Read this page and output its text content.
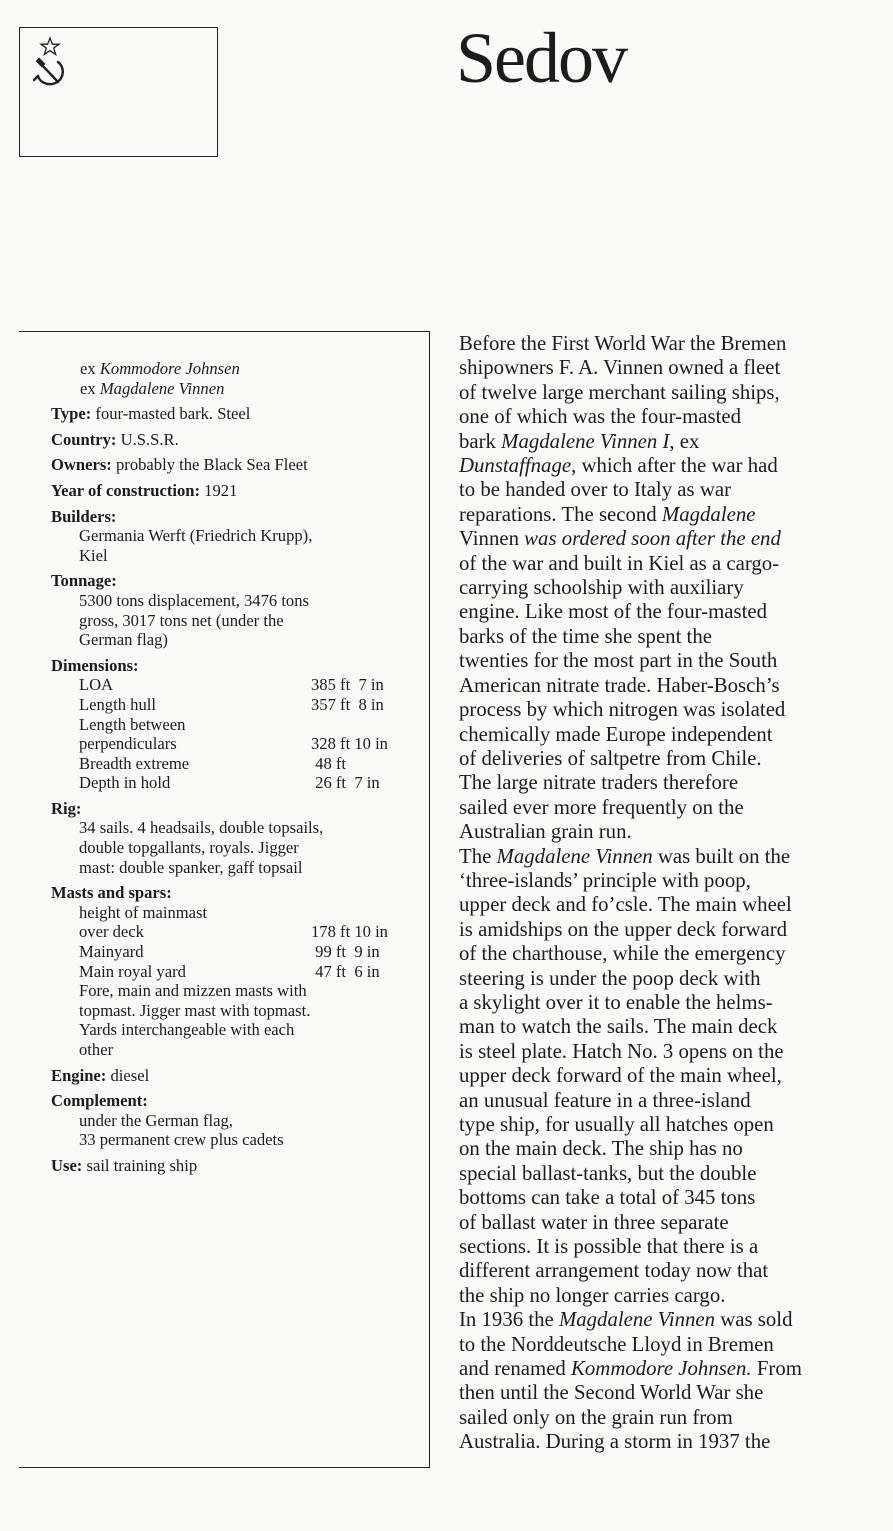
Sedov
ex Kommodore Johnsen
ex Magdalene Vinnen
Type: four-masted bark. Steel
Country: U.S.S.R.
Owners: probably the Black Sea Fleet
Year of construction: 1921
Builders:
Germania Werft (Friedrich Krupp),
Kiel
Tonnage:
5300 tons displacement, 3476 tons
gross, 3017 tons net (under the
German flag)
Dimensions:
LOA	385 ft  7 in
Length hull	357 ft  8 in
Length between
perpendiculars	328 ft 10 in
Breadth extreme	48 ft
Depth in hold	26 ft  7 in
Rig:
34 sails. 4 headsails, double topsails,
double topgallants, royals. Jigger
mast: double spanker, gaff topsail
Masts and spars:
height of mainmast
over deck	178 ft 10 in
Mainyard	99 ft  9 in
Main royal yard	47 ft  6 in
Fore, main and mizzen masts with
topmast. Jigger mast with topmast.
Yards interchangeable with each
other
Engine: diesel
Complement:
under the German flag,
33 permanent crew plus cadets
Use: sail training ship

Before the First World War the Bremen
shipowners F. A. Vinnen owned a fleet
of twelve large merchant sailing ships,
one of which was the four-masted
bark Magdalene Vinnen I, ex
Dunstaffnage, which after the war had
to be handed over to Italy as war
reparations. The second Magdalene
Vinnen was ordered soon after the end
of the war and built in Kiel as a cargo-
carrying schoolship with auxiliary
engine. Like most of the four-masted
barks of the time she spent the
twenties for the most part in the South
American nitrate trade. Haber-Bosch’s
process by which nitrogen was isolated
chemically made Europe independent
of deliveries of saltpetre from Chile.
The large nitrate traders therefore
sailed ever more frequently on the
Australian grain run.

The Magdalene Vinnen was built on the
‘three-islands’ principle with poop,
upper deck and fo’csle. The main wheel
is amidships on the upper deck forward
of the charthouse, while the emergency
steering is under the poop deck with
a skylight over it to enable the helms-
man to watch the sails. The main deck
is steel plate. Hatch No. 3 opens on the
upper deck forward of the main wheel,
an unusual feature in a three-island
type ship, for usually all hatches open
on the main deck. The ship has no
special ballast-tanks, but the double
bottoms can take a total of 345 tons
of ballast water in three separate
sections. It is possible that there is a
different arrangement today now that
the ship no longer carries cargo.

In 1936 the Magdalene Vinnen was sold
to the Norddeutsche Lloyd in Bremen
and renamed Kommodore Johnsen. From
then until the Second World War she
sailed only on the grain run from
Australia. During a storm in 1937 the
